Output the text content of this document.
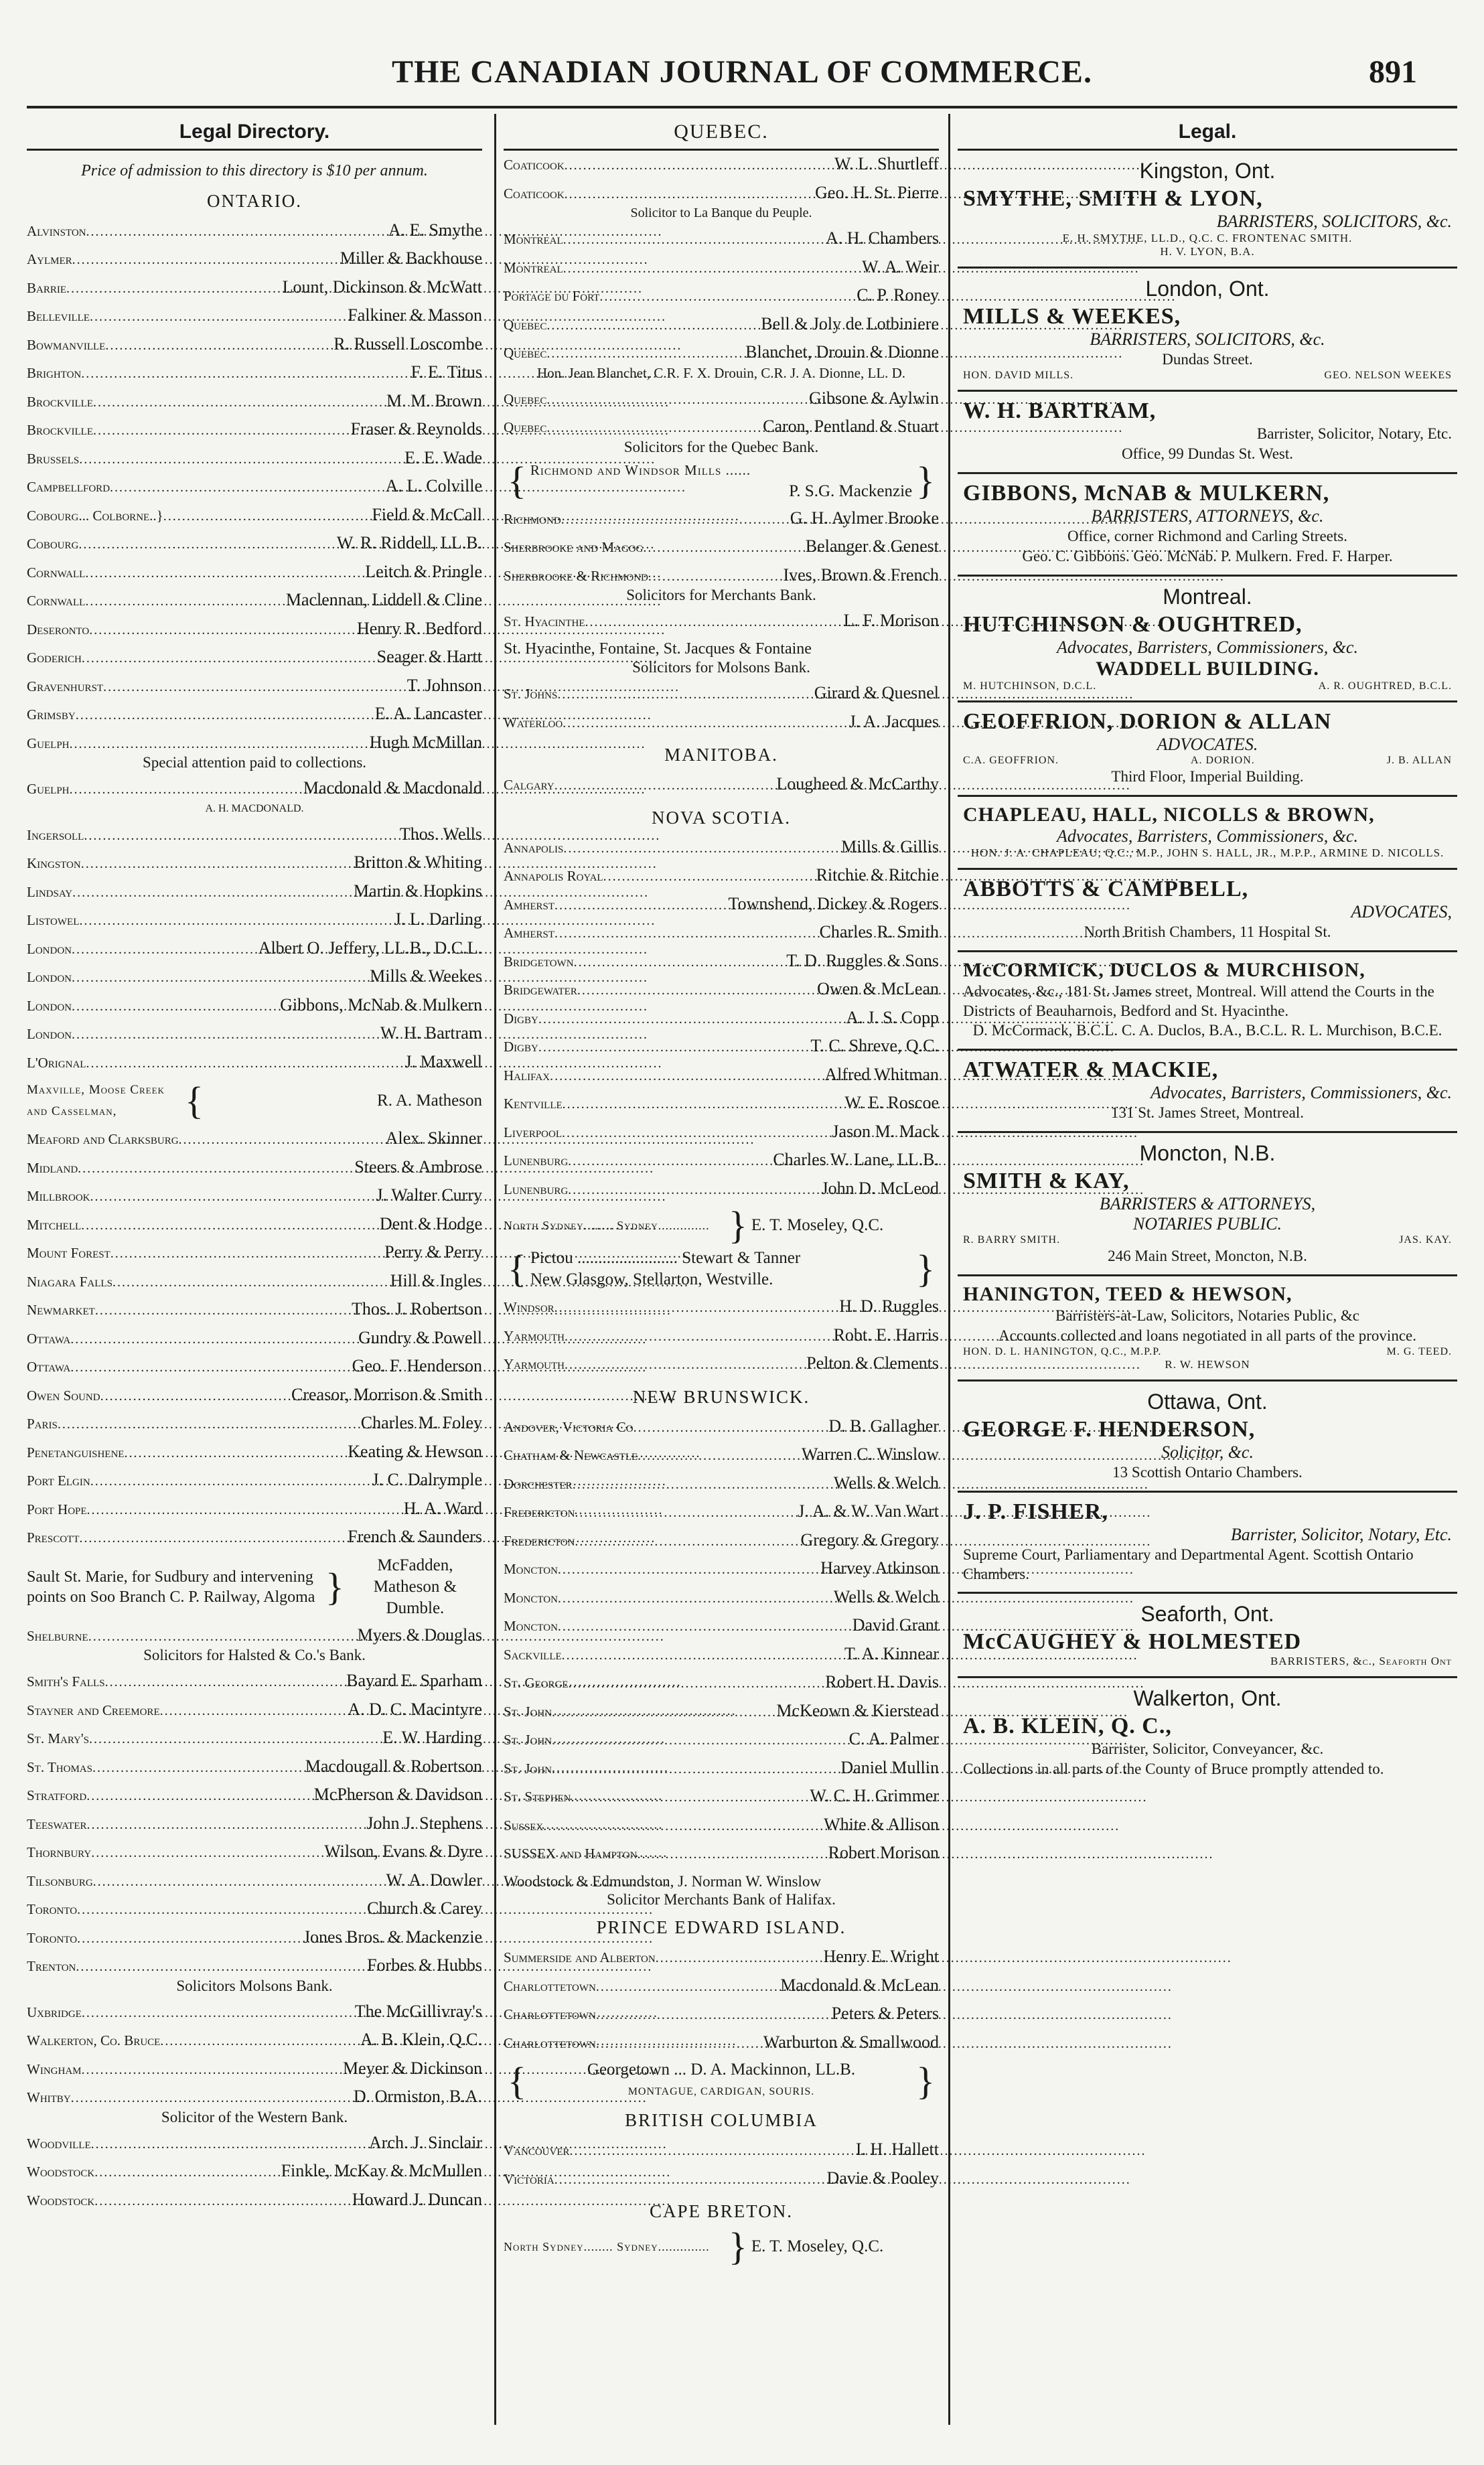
THE CANADIAN JOURNAL OF COMMERCE.	891
Legal Directory.
Price of admission to this directory is $10 per annum.
ONTARIO.
Alvinston .....	A. E. Smythe
Aylmer .....	Miller & Backhouse
Barrie .....	Lount, Dickinson & McWatt
Belleville .....	Falkiner & Masson
Bowmanville .....	R. Russell Loscombe
Brighton .....	F. E. Titus
Brockville .....	M. M. Brown
Brockville .....	Fraser & Reynolds
Brussels .....	E. E. Wade
Campbellford .....	A. L. Colville
Cobourg... Colborne..} .....	Field & McCall
Cobourg .....	W. R. Riddell, LL.B.
Cornwall .....	Leitch & Pringle
Cornwall .....	Maclennan, Liddell & Cline
Deseronto .....	Henry R. Bedford
Goderich .....	Seager & Hartt
Gravenhurst .....	T. Johnson
Grimsby .....	E. A. Lancaster
Guelph .....	Hugh McMillan
Special attention paid to collections.
Guelph .....	Macdonald & Macdonald
A. H. MACDONALD.
Ingersoll .....	Thos. Wells
Kingston .....	Britton & Whiting
Lindsay .....	Martin & Hopkins
Listowel .....	J. L. Darling
London .....	Albert O. Jeffery, LL.B., D.C.L.
London .....	Mills & Weekes
London .....	Gibbons, McNab & Mulkern
London .....	W. H. Bartram
L'Orignal .....	J. Maxwell
Maxville, Moose Creek and Casselman,	{	R. A. Matheson
Meaford and Clarksburg .....	Alex. Skinner
Midland .....	Steers & Ambrose
Millbrook .....	J. Walter Curry
Mitchell .....	Dent & Hodge
Mount Forest .....	Perry & Perry
Niagara Falls .....	Hill & Ingles
Newmarket .....	Thos. J. Robertson
Ottawa .....	Gundry & Powell
Ottawa .....	Geo. F. Henderson
Owen Sound .....	Creasor, Morrison & Smith
Paris .....	Charles M. Foley
Penetanguishene .....	Keating & Hewson
Port Elgin .....	J. C. Dalrymple
Port Hope .....	H. A. Ward
Prescott .....	French & Saunders
Sault St. Marie, for Sudbury and intervening points on Soo Branch C. P. Railway, Algoma }	McFadden, Matheson & Dumble.
Shelburne .....	Myers & Douglas
Solicitors for Halsted & Co.'s Bank.
Smith's Falls .....	Bayard E. Sparham
Stayner and Creemore .....	A. D. C. Macintyre
St. Mary's .....	E. W. Harding
St. Thomas .....	Macdougall & Robertson
Stratford .....	McPherson & Davidson
Teeswater .....	John J. Stephens
Thornbury .....	Wilson, Evans & Dyre
Tilsonburg .....	W. A. Dowler
Toronto .....	Church & Carey
Toronto .....	Jones Bros. & Mackenzie
Trenton .....	Forbes & Hubbs
Solicitors Molsons Bank.
Uxbridge .....	The McGillivray's
Walkerton, Co. Bruce .....	A. B. Klein, Q.C.
Wingham .....	Meyer & Dickinson
Whitby .....	D. Ormiston, B.A.
Solicitor of the Western Bank.
Woodville .....	Arch. J. Sinclair
Woodstock .....	Finkle, McKay & McMullen
Woodstock .....	Howard J. Duncan
QUEBEC.
Coaticook .....	W. L. Shurtleff
Coaticook .....	Geo. H. St. Pierre
Solicitor to La Banque du Peuple.
Montreal .....	A. H. Chambers
Montreal .....	W. A. Weir
Portage du Fort .....	C. P. Roney
Quebec .....	Bell & Joly de Lotbiniere
Quebec .....	Blanchet, Drouin & Dionne
Hon. Jean Blanchet, C.R. F. X. Drouin, C.R. J. A. Dionne, LL. D.
Quebec .....	Gibsone & Aylwin
Quebec .....	Caron, Pentland & Stuart
Solicitors for the Quebec Bank.
{ Richmond and Windsor Mills ......

P. S.G. Mackenzie }
Richmond .....	G. H. Aylmer Brooke
Sherbrooke and Magog .....	Belanger & Genest
Sherbrooke & Richmond .....	Ives, Brown & French
Solicitors for Merchants Bank.
St. Hyacinthe .....	L. F. Morison
St. Hyacinthe, Fontaine, St. Jacques & Fontaine
Solicitors for Molsons Bank.
St. Johns .....	Girard & Quesnel
Waterloo .....	J. A. Jacques
MANITOBA.
Calgary .....	Lougheed & McCarthy
NOVA SCOTIA.
Annapolis .....	Mills & Gillis
Annapolis Royal .....	Ritchie & Ritchie
Amherst .....	Townshend, Dickey & Rogers
Amherst .....	Charles R. Smith
Bridgetown .....	T. D. Ruggles & Sons
Bridgewater .....	Owen & McLean
Digby .....	A. J. S. Copp
Digby .....	T. C. Shreve, Q.C.
Halifax .....	Alfred Whitman
Kentville .....	W. E. Roscoe
Liverpool .....	Jason M. Mack
Lunenburg .....	Charles W. Lane, LL.B.
Lunenburg .....	John D. McLeod
North Sydney........ Sydney.............. } E. T. Moseley, Q.C.
{ Pictou ........................ Stewart & Tanner
New Glasgow, Stellarton, Westville.	}
Windsor .....	H. D. Ruggles
Yarmouth .....	Robt. E. Harris
Yarmouth .....	Pelton & Clements
NEW BRUNSWICK.
Andover, Victoria Co .....	D. B. Gallagher
Chatham & Newcastle .....	Warren C. Winslow
Dorchester .....	Wells & Welch
Fredericton .....	J. A. & W. Van Wart
Fredericton .....	Gregory & Gregory
Moncton .....	Harvey Atkinson
Moncton .....	Wells & Welch
Moncton .....	David Grant
Sackville .....	T. A. Kinnear
St. George .....	Robert H. Davis
St. John .....	McKeown & Kierstead
St. John .....	C. A. Palmer
St. John .....	Daniel Mullin
St. Stephen .....	W. C. H. Grimmer
Sussex .....	White & Allison
SUSSEX and Hampton .....	Robert Morison
Woodstock & Edmundston, J. Norman W. Winslow
Solicitor Merchants Bank of Halifax.
PRINCE EDWARD ISLAND.
Summerside and Alberton .....	Henry E. Wright
Charlottetown .....	Macdonald & McLean
Charlottetown .....	Peters & Peters
Charlottetown .....	Warburton & Smallwood
{	Georgetown ... D. A. Mackinnon, LL.B.
MONTAGUE, CARDIGAN, SOURIS.	}
BRITISH COLUMBIA
Vancouver .....	I. H. Hallett
Victoria .....	Davie & Pooley
CAPE BRETON.
North Sydney........ Sydney.............. } E. T. Moseley, Q.C.
Legal.
Kingston, Ont.
SMYTHE, SMITH & LYON,
BARRISTERS, SOLICITORS, &c.
E. H. SMYTHE, LL.D., Q.C. C. FRONTENAC SMITH.
H. V. LYON, B.A.
London, Ont.
MILLS & WEEKES,
BARRISTERS, SOLICITORS, &c.
Dundas Street.
HON. DAVID MILLS.	GEO. NELSON WEEKES
W. H. BARTRAM,
Barrister, Solicitor, Notary, Etc.
Office, 99 Dundas St. West.
GIBBONS, McNAB & MULKERN,
BARRISTERS, ATTORNEYS, &c.
Office, corner Richmond and Carling Streets.
Geo. C. Gibbons. Geo. McNab. P. Mulkern. Fred. F. Harper.
Montreal.
HUTCHINSON & OUGHTRED,
Advocates, Barristers, Commissioners, &c.
WADDELL BUILDING.
M. HUTCHINSON, D.C.L.	A. R. OUGHTRED, B.C.L.
GEOFFRION, DORION & ALLAN
ADVOCATES.
C.A. GEOFFRION.	A. DORION.	J. B. ALLAN
Third Floor, Imperial Building.
CHAPLEAU, HALL, NICOLLS & BROWN,
Advocates, Barristers, Commissioners, &c.
HON. J. A. CHAPLEAU, Q.C., M.P., JOHN S. HALL, JR., M.P.P., ARMINE D. NICOLLS.
ABBOTTS & CAMPBELL,
ADVOCATES,
North British Chambers, 11 Hospital St.
McCORMICK, DUCLOS & MURCHISON,
Advocates, &c., 181 St. James street, Montreal. Will attend the Courts in the Districts of Beauharnois, Bedford and St. Hyacinthe.
D. McCormack, B.C.L. C. A. Duclos, B.A., B.C.L. R. L. Murchison, B.C.E.
ATWATER & MACKIE,
Advocates, Barristers, Commissioners, &c.
131 St. James Street, Montreal.
Moncton, N.B.
SMITH & KAY,
BARRISTERS & ATTORNEYS,
NOTARIES PUBLIC.
R. BARRY SMITH.	JAS. KAY.
246 Main Street, Moncton, N.B.
HANINGTON, TEED & HEWSON,
Barristers-at-Law, Solicitors, Notaries Public, &c
Accounts collected and loans negotiated in all parts of the province.
HON. D. L. HANINGTON, Q.C., M.P.P.	M. G. TEED.
R. W. HEWSON
Ottawa, Ont.
GEORGE F. HENDERSON,
Solicitor, &c.
13 Scottish Ontario Chambers.
J. P. FISHER,
Barrister, Solicitor, Notary, Etc.
Supreme Court, Parliamentary and Departmental Agent. Scottish Ontario Chambers.
Seaforth, Ont.
McCAUGHEY & HOLMESTED
BARRISTERS, &c., Seaforth Ont
Walkerton, Ont.
A. B. KLEIN, Q. C.,
Barrister, Solicitor, Conveyancer, &c.
Collections in all parts of the County of Bruce promptly attended to.
